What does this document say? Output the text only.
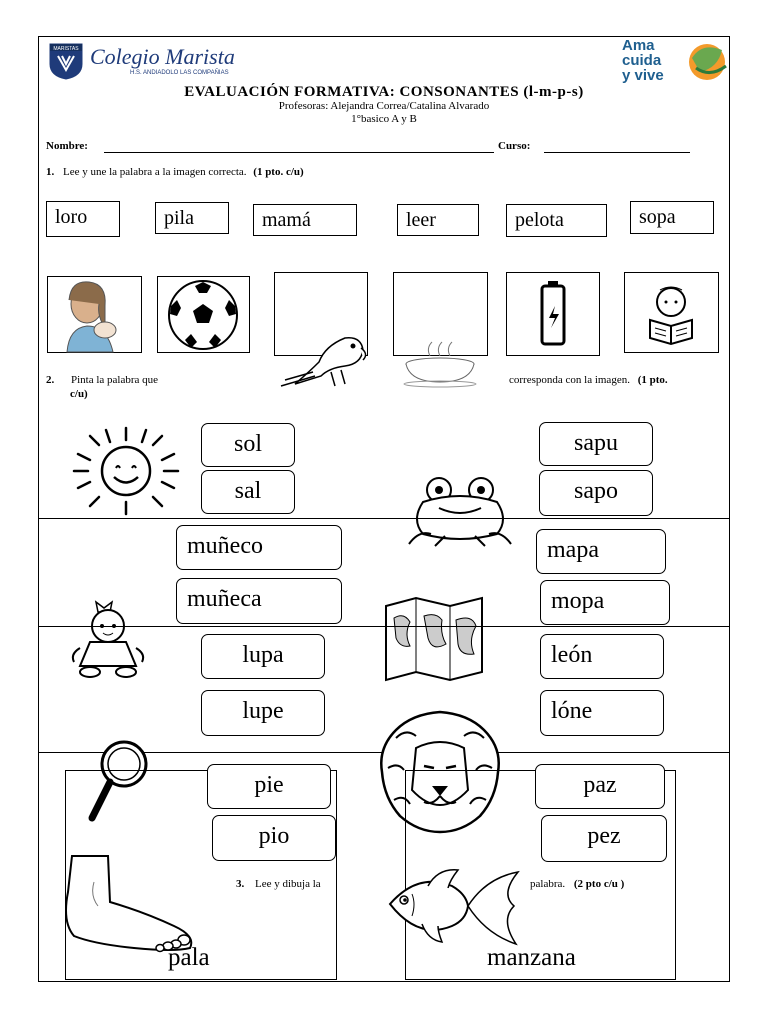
MARISTAS Colegio Marista
H.S. ANDIADOLO LAS COMPAÑIAS
Ama
cuida
y vive
EVALUACIÓN FORMATIVA: CONSONANTES (l-m-p-s)
Profesoras: Alejandra Correa/Catalina Alvarado
1°basico A y B
Nombre:	Curso:
1. Lee y une la palabra a la imagen correcta. (1 pto. c/u)
loro	pila	mamá	leer	pelota	sopa
2. Pinta la palabra que	corresponda con la imagen. (1 pto.
c/u)
sol
sal
sapu
sapo
muñeco
muñeca
mapa
mopa
lupa
lupe
león
lóne
pie
pio
paz
pez
3. Lee y dibuja la	palabra. (2 pto c/u )
pala	manzana
